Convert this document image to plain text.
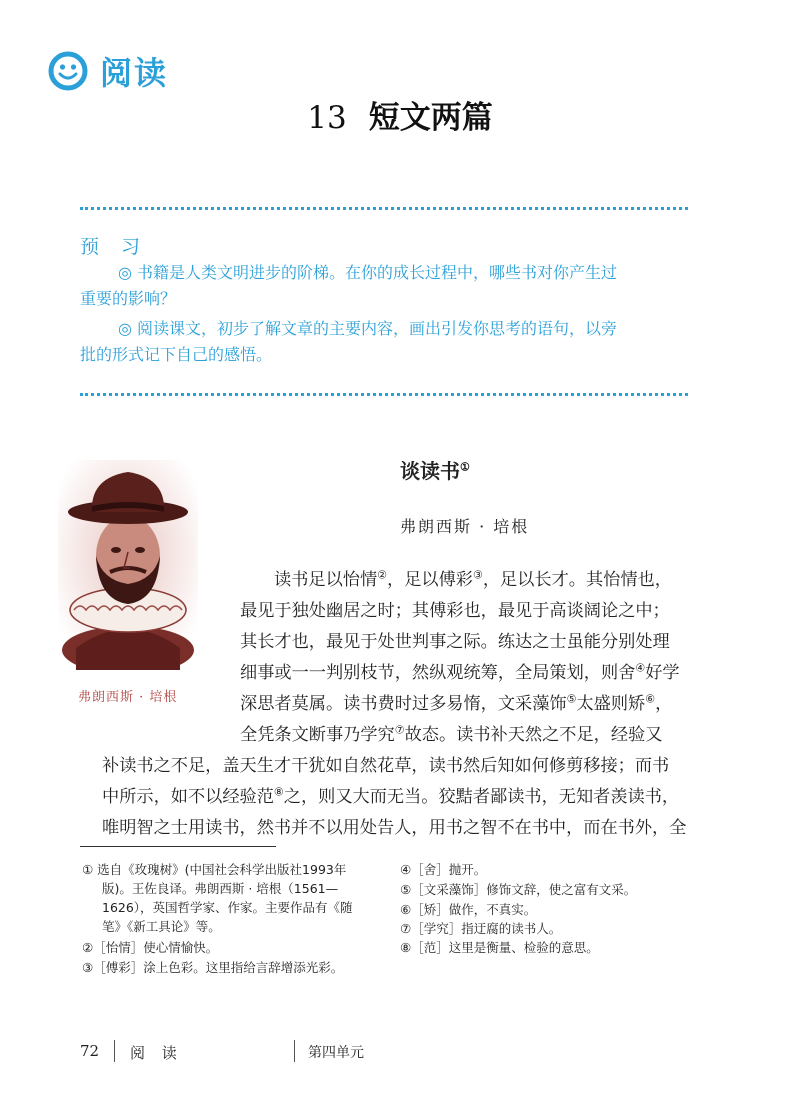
阅读
13 短文两篇
预 习
◎ 书籍是人类文明进步的阶梯。在你的成长过程中，哪些书对你产生过
重要的影响？
◎ 阅读课文，初步了解文章的主要内容，画出引发你思考的语句，以旁
批的形式记下自己的感悟。
弗朗西斯 · 培根
谈读书①
弗朗西斯 · 培根
读书足以怡情②，足以傅彩③，足以长才。其怡情也，
最见于独处幽居之时；其傅彩也，最见于高谈阔论之中；
其长才也，最见于处世判事之际。练达之士虽能分别处理
细事或一一判别枝节，然纵观统筹，全局策划，则舍④好学
深思者莫属。读书费时过多易惰，文采藻饰⑤太盛则矫⑥，
全凭条文断事乃学究⑦故态。读书补天然之不足，经验又
补读书之不足，盖天生才干犹如自然花草，读书然后知如何修剪移接；而书
中所示，如不以经验范⑧之，则又大而无当。狡黠者鄙读书，无知者羡读书，
唯明智之士用读书，然书并不以用处告人，用书之智不在书中，而在书外，全
① 选自《玫瑰树》(中国社会科学出版社1993年
版)。王佐良译。弗朗西斯 · 培根（1561—
1626），英国哲学家、作家。主要作品有《随
笔》《新工具论》等。
②［怡情］使心情愉快。
③［傅彩］涂上色彩。这里指给言辞增添光彩。
④［舍］抛开。
⑤［文采藻饰］修饰文辞，使之富有文采。
⑥［矫］做作，不真实。
⑦［学究］指迂腐的读书人。
⑧［范］这里是衡量、检验的意思。
72 阅 读	第四单元
